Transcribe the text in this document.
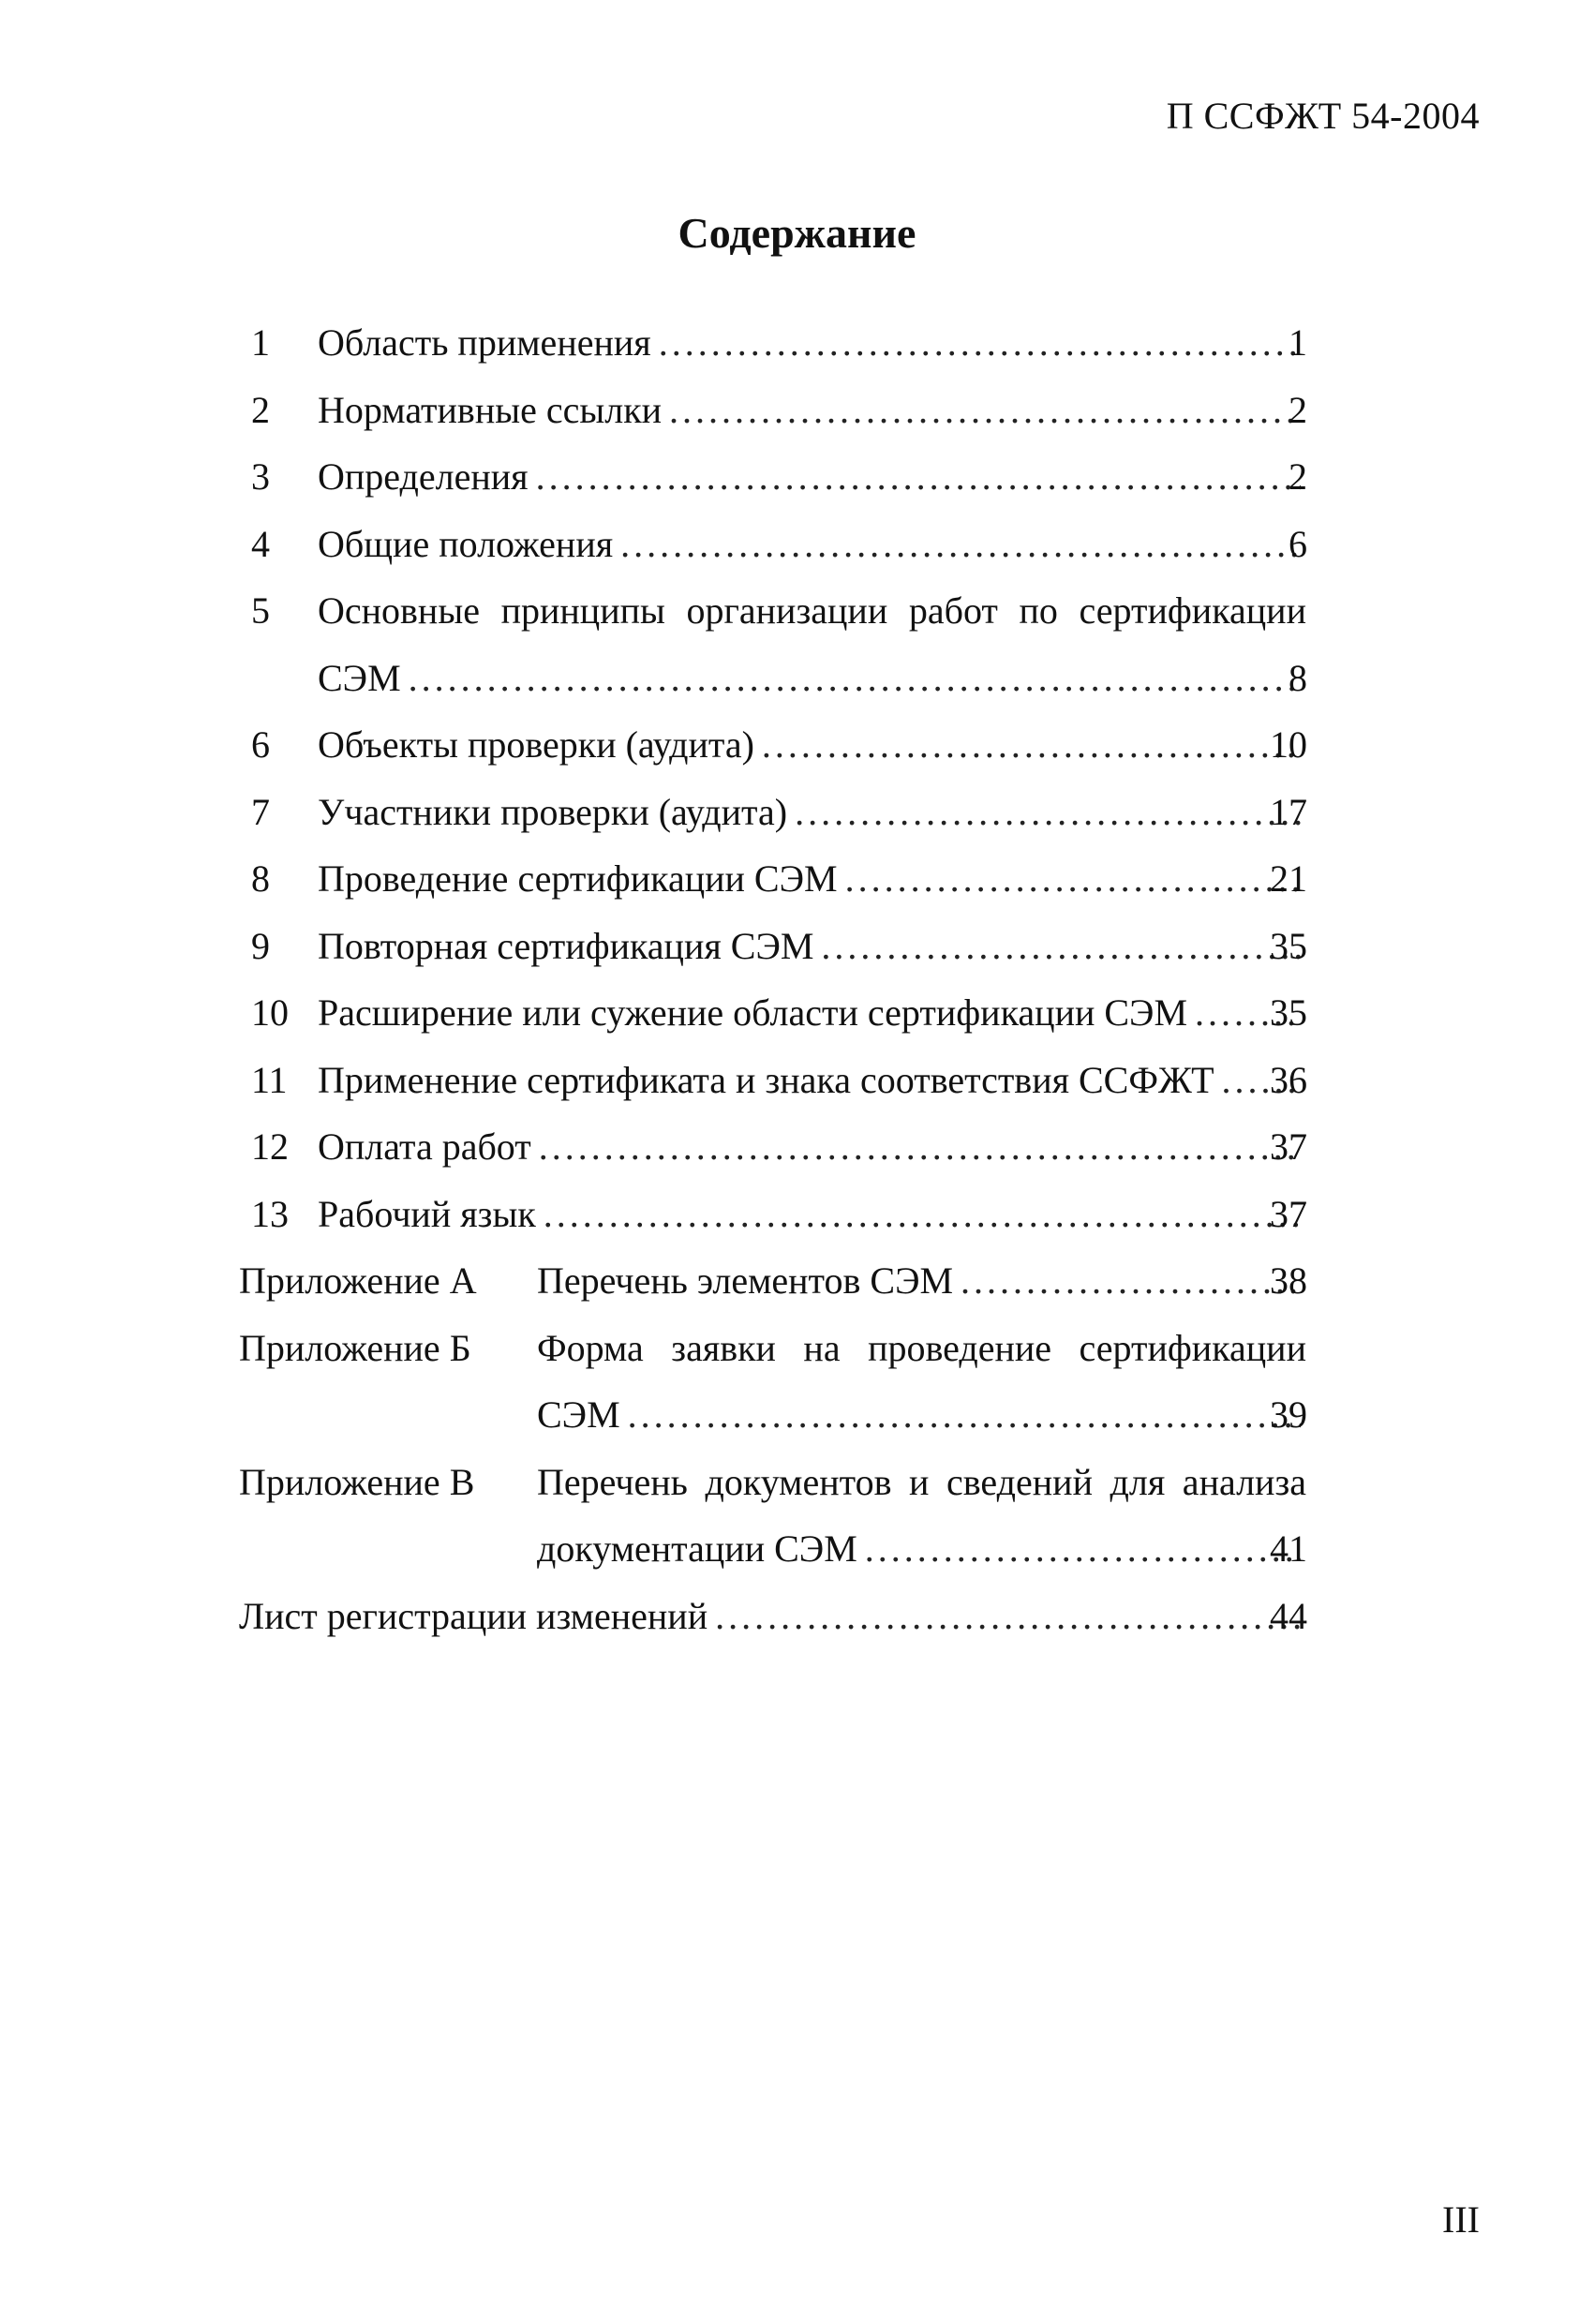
П ССФЖТ 54-2004
Содержание
1	Область применения .....	1
2	Нормативные ссылки .....	2
3	Определения .....	2
4	Общие положения .....	6
5	Основные принципы организации работ по сертификации
СЭМ .....	8
6	Объекты проверки (аудита) .....	10
7	Участники проверки (аудита) .....	17
8	Проведение сертификации СЭМ .....	21
9	Повторная сертификация СЭМ .....	35
10 Расширение или сужение области сертификации СЭМ .....	35
11 Применение сертификата и знака соответствия ССФЖТ .....	36
12 Оплата работ .....	37
13 Рабочий язык .....	37
Приложение А Перечень элементов СЭМ .....	38
Приложение Б Форма заявки на проведение сертификации
СЭМ .....	39
Приложение В Перечень документов и сведений для анализа
документации СЭМ .....	41
Лист регистрации изменений .....	44
III
